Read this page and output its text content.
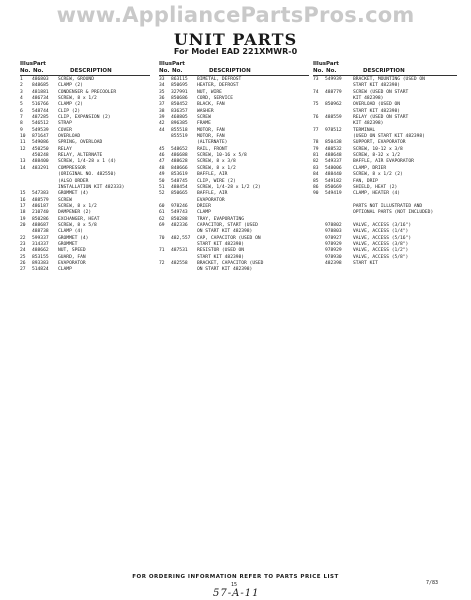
www.AppliancePartsPros.com
UNIT PARTS
For Model EAD 221XMWR-0
Illus.
No.
Part
No.	DESCRIPTION
1	486803 SCREW, GROUND
2	848685 CLAMP (2)
3	481881 CONDENSER & PRECOOLER
4	486734 SCREW, 8 x 1/2
5	516766 CLAMP (2)
6	548744 CLIP (2)
7	487285 CLIP, EXPANSION (2)
8	546512 STRAP
9	549539 COVER
10	871647 OVERLOAD
11	549086 SPRING, OVERLOAD
12	450250 RELAY
450248 RELAY, ALTERNATE
13	488400 SCREW, 1/4-28 x 1 (4)
14	483291 COMPRESSOR
(ORIGINAL NO. 482550)
(ALSO ORDER
INSTALLATION KIT 482333)
15	547383 GROMMET (4)
16	488579 SCREW
17	486187 SCREW, 8 x 1/2
18	210740 DAMPENER (2)
19	850286 EXCHANGER, HEAT
20	488687 SCREW, 8 x 5/8
488738 CLAMP (4)
22	599337 GROMMET (4)
23	314337 GROMMET
24	488662 NUT, SPEED
25	853155 GUARD, FAN
26	893383 EVAPORATOR
27	514824 CLAMP
Illus.
No.
Part
No.	DESCRIPTION
33	863115 BIMETAL, DEFROST
34	850695 HEATER, DEFROST
35	327991 NUT, WIRE
36	850686 CORD, SERVICE
37	850452 BLACK, FAN
38	836357 WASHER
39	468805 SCREW
42	896385 FRAME
44	855518 MOTOR, FAN
855519 MOTOR, FAN
(ALTERNATE)
45	548652 RAIL, FRONT
46	486688 SCREW, 10-16 x 5/8
47	488628 SCREW, 8 x 3/8
48	848666 SCREW, 8 x 1/2
49	853619 BAFFLE, AIR
50	548745 CLIP, WIRE (2)
51	488454 SCREW, 1/4-28 x 1/2 (2)
52	850665 BAFFLE, AIR
EVAPORATOR
60	978246 DRIER
61	549743 CLAMP
62	850288 TRAY, EVAPORATING
69	482336 CAPACITOR, START (USED
ON START KIT 482398)
70	482,557 CAP, CAPACITOR (USED ON
START KIT 482398)
71	487531 RESISTOR (USED ON
START KIT 482398)
72	482558 BRACKET, CAPACITOR (USED
ON START KIT 482398)
Illus.
No.
Part
No.	DESCRIPTION
73	549939 BRACKET, MOUNTING (USED ON
START KIT 482398)
74	488779 SCREW (USED ON START
KIT 482398)
75	850962 OVERLOAD (USED ON
START KIT 482398)
76	488559 RELAY (USED ON START
KIT 482398)
77	978512 TERMINAL
(USED ON START KIT 482398)
78	850438 SUPPORT, EVAPORATOR
79	488532 SCREW, 10-12 x 3/8
81	488648 SCREW, 8-32 x 1/2
82	549337 BAFFLE, AIR EVAPORATOR
83	548006 CLAMP, DRIER
84	488440 SCREW, 8 x 1/2 (2)
85	549182 FAN, DRIP
86	850669 SHIELD, HEAT (2)
90	549419 CLAMP, HEATER (4)
PARTS NOT ILLUSTRATED AND
OPTIONAL PARTS (NOT INCLUDED)
978802 VALVE, ACCESS (3/16")
978803 VALVE, ACCESS (1/4")
978927 VALVE, ACCESS (5/16")
978929 VALVE, ACCESS (3/8")
978929 VALVE, ACCESS (1/2")
978930 VALVE, ACCESS (5/8")
482398 START KIT
FOR ORDERING INFORMATION REFER TO PARTS PRICE LIST
15	7/83
57-A-11
